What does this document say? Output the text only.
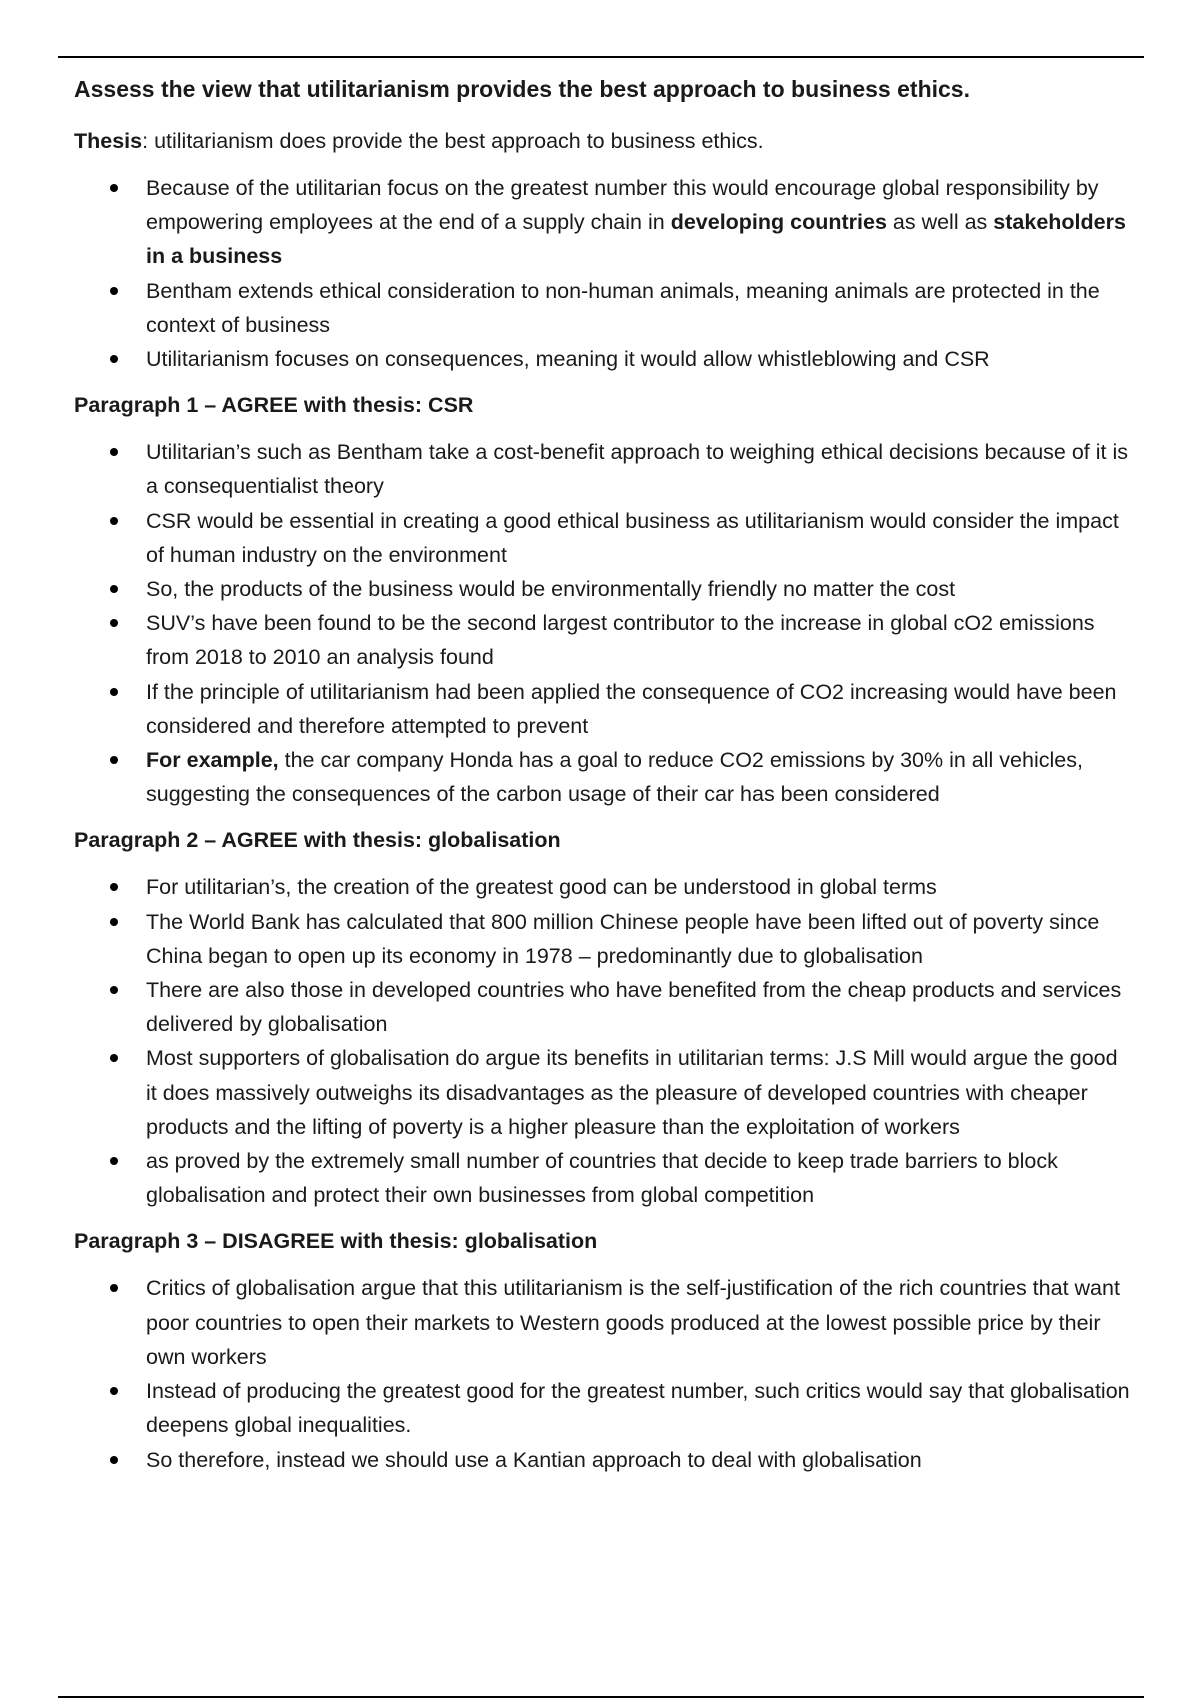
Assess the view that utilitarianism provides the best approach to business ethics.
Thesis: utilitarianism does provide the best approach to business ethics.
Because of the utilitarian focus on the greatest number this would encourage global responsibility by empowering employees at the end of a supply chain in developing countries as well as stakeholders in a business
Bentham extends ethical consideration to non-human animals, meaning animals are protected in the context of business
Utilitarianism focuses on consequences, meaning it would allow whistleblowing and CSR
Paragraph 1 – AGREE with thesis: CSR
Utilitarian’s such as Bentham take a cost-benefit approach to weighing ethical decisions because of it is a consequentialist theory
CSR would be essential in creating a good ethical business as utilitarianism would consider the impact of human industry on the environment
So, the products of the business would be environmentally friendly no matter the cost
SUV’s have been found to be the second largest contributor to the increase in global cO2 emissions from 2018 to 2010 an analysis found
If the principle of utilitarianism had been applied the consequence of CO2 increasing would have been considered and therefore attempted to prevent
For example, the car company Honda has a goal to reduce CO2 emissions by 30% in all vehicles, suggesting the consequences of the carbon usage of their car has been considered
Paragraph 2 – AGREE with thesis: globalisation
For utilitarian’s, the creation of the greatest good can be understood in global terms
The World Bank has calculated that 800 million Chinese people have been lifted out of poverty since China began to open up its economy in 1978 – predominantly due to globalisation
There are also those in developed countries who have benefited from the cheap products and services delivered by globalisation
Most supporters of globalisation do argue its benefits in utilitarian terms: J.S Mill would argue the good it does massively outweighs its disadvantages as the pleasure of developed countries with cheaper products and the lifting of poverty is a higher pleasure than the exploitation of workers
as proved by the extremely small number of countries that decide to keep trade barriers to block globalisation and protect their own businesses from global competition
Paragraph 3 – DISAGREE with thesis: globalisation
Critics of globalisation argue that this utilitarianism is the self-justification of the rich countries that want poor countries to open their markets to Western goods produced at the lowest possible price by their own workers
Instead of producing the greatest good for the greatest number, such critics would say that globalisation deepens global inequalities.
So therefore, instead we should use a Kantian approach to deal with globalisation
